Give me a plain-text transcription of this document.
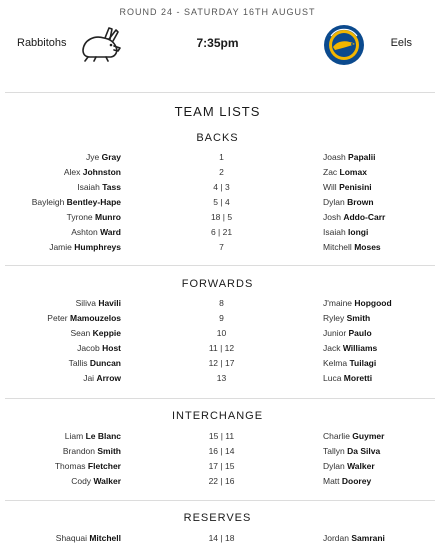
ROUND 24 - SATURDAY 16TH AUGUST
Rabbitohs	7:35pm	Eels
TEAM LISTS
BACKS
Jye Gray	1	Joash Papalii
Alex Johnston	2	Zac Lomax
Isaiah Tass	4 | 3	Will Penisini
Bayleigh Bentley-Hape	5 | 4	Dylan Brown
Tyrone Munro	18 | 5	Josh Addo-Carr
Ashton Ward	6 | 21	Isaiah Iongi
Jamie Humphreys	7	Mitchell Moses
FORWARDS
Siliva Havili	8	J'maine Hopgood
Peter Mamouzelos	9	Ryley Smith
Sean Keppie	10	Junior Paulo
Jacob Host	11 | 12	Jack Williams
Tallis Duncan	12 | 17	Kelma Tuilagi
Jai Arrow	13	Luca Moretti
INTERCHANGE
Liam Le Blanc	15 | 11	Charlie Guymer
Brandon Smith	16 | 14	Tallyn Da Silva
Thomas Fletcher	17 | 15	Dylan Walker
Cody Walker	22 | 16	Matt Doorey
RESERVES
Shaquai Mitchell	14 | 18	Jordan Samrani
